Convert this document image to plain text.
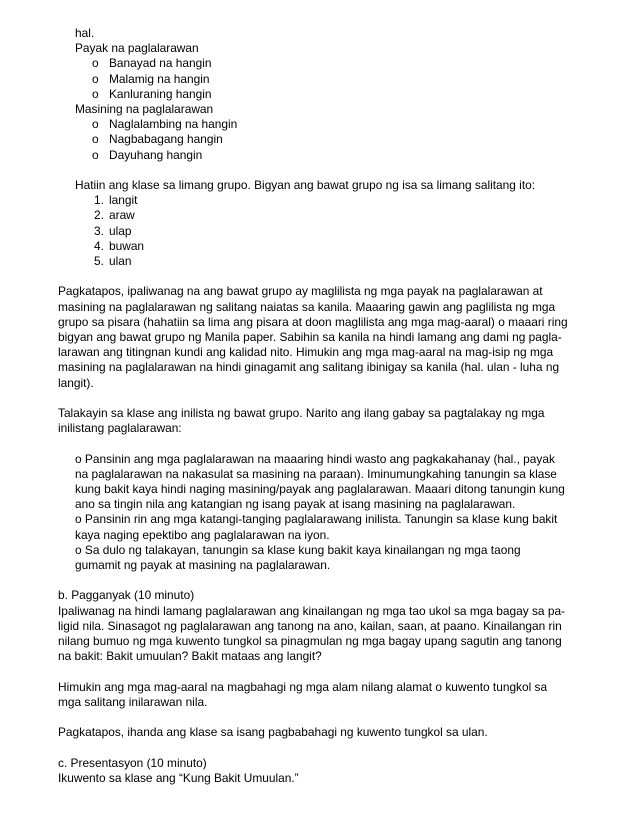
hal.

Payak na paglalarawan

o Banayad na hangin
o Malamig na hangin
o Kanluraning hangin

Masining na paglalarawan

o Naglalambing na hangin
o Nagbabagang hangin
o Dayuhang hangin

Hatiin ang klase sa limang grupo. Bigyan ang bawat grupo ng isa sa limang salitang ito:

1. langit
2. araw
3. ulap
4. buwan
5. ulan

Pagkatapos, ipaliwanag na ang bawat grupo ay maglilista ng mga payak na paglalarawan at

masining na paglalarawan ng salitang naiatas sa kanila. Maaaring gawin ang paglilista ng mga

grupo sa pisara (hahatiin sa lima ang pisara at doon maglilista ang mga mag-aaral) o maaari ring

bigyan ang bawat grupo ng Manila paper. Sabihin sa kanila na hindi lamang ang dami ng pagla-

larawan ang titingnan kundi ang kalidad nito. Himukin ang mga mag-aaral na mag-isip ng mga

masining na paglalarawan na hindi ginagamit ang salitang ibinigay sa kanila (hal. ulan - luha ng

langit).

Talakayin sa klase ang inilista ng bawat grupo. Narito ang ilang gabay sa pagtalakay ng mga

inilistang paglalarawan:

o Pansinin ang mga paglalarawan na maaaring hindi wasto ang pagkakahanay (hal., payak

na paglalarawan na nakasulat sa masining na paraan). Iminumungkahing tanungin sa klase

kung bakit kaya hindi naging masining/payak ang paglalarawan. Maaari ditong tanungin kung

ano sa tingin nila ang katangian ng isang payak at isang masining na paglalarawan.

o Pansinin rin ang mga katangi-tanging paglalarawang inilista. Tanungin sa klase kung bakit

kaya naging epektibo ang paglalarawan na iyon.

o Sa dulo ng talakayan, tanungin sa klase kung bakit kaya kinailangan ng mga taong

gumamit ng payak at masining na paglalarawan.

b. Pagganyak (10 minuto)

Ipaliwanag na hindi lamang paglalarawan ang kinailangan ng mga tao ukol sa mga bagay sa pa-

ligid nila. Sinasagot ng paglalarawan ang tanong na ano, kailan, saan, at paano. Kinailangan rin

nilang bumuo ng mga kuwento tungkol sa pinagmulan ng mga bagay upang sagutin ang tanong

na bakit: Bakit umuulan? Bakit mataas ang langit?

Himukin ang mga mag-aaral na magbahagi ng mga alam nilang alamat o kuwento tungkol sa

mga salitang inilarawan nila.

Pagkatapos, ihanda ang klase sa isang pagbabahagi ng kuwento tungkol sa ulan.

c. Presentasyon (10 minuto)

Ikuwento sa klase ang “Kung Bakit Umuulan.”
